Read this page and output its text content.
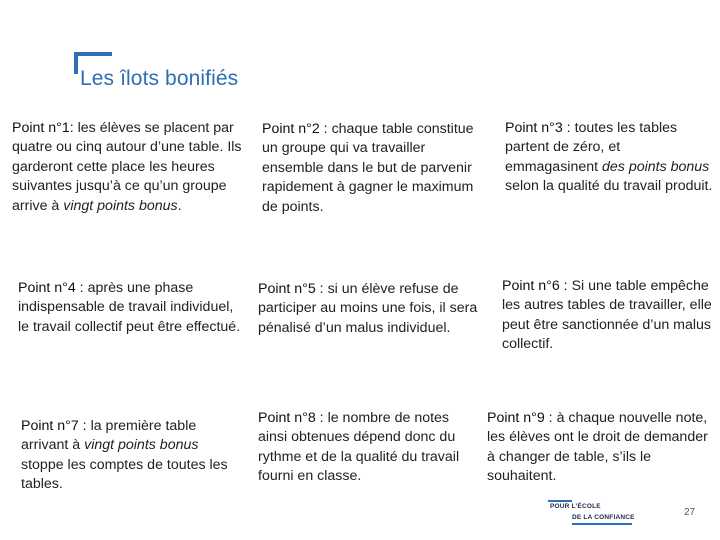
Les îlots bonifiés
Point n°1: les élèves se placent par quatre ou cinq autour d’une table. Ils garderont cette place les heures suivantes jusqu’à ce qu’un groupe arrive à vingt points bonus.
Point n°2 : chaque table constitue un groupe qui va travailler ensemble dans le but de parvenir rapidement à gagner le maximum de points.
Point n°3 : toutes les tables partent de zéro, et emmagasinent des points bonus selon la qualité du travail produit.
Point n°4 : après une phase indispensable de travail individuel, le travail collectif peut être effectué.
Point n°5 : si un élève refuse de participer au moins une fois, il sera pénalisé d’un malus individuel.
Point n°6 : Si une table empêche les autres tables de travailler, elle peut être sanctionnée d’un malus collectif.
Point n°7 : la première table arrivant à vingt points bonus stoppe les comptes de toutes les tables.
Point n°8 : le nombre de notes ainsi obtenues dépend donc du rythme et de la qualité du travail fourni en classe.
Point n°9 : à chaque nouvelle note, les élèves ont le droit de demander à changer de table, s’ils le souhaitent.
POUR L’ÉCOLE
DE LA CONFIANCE	27
